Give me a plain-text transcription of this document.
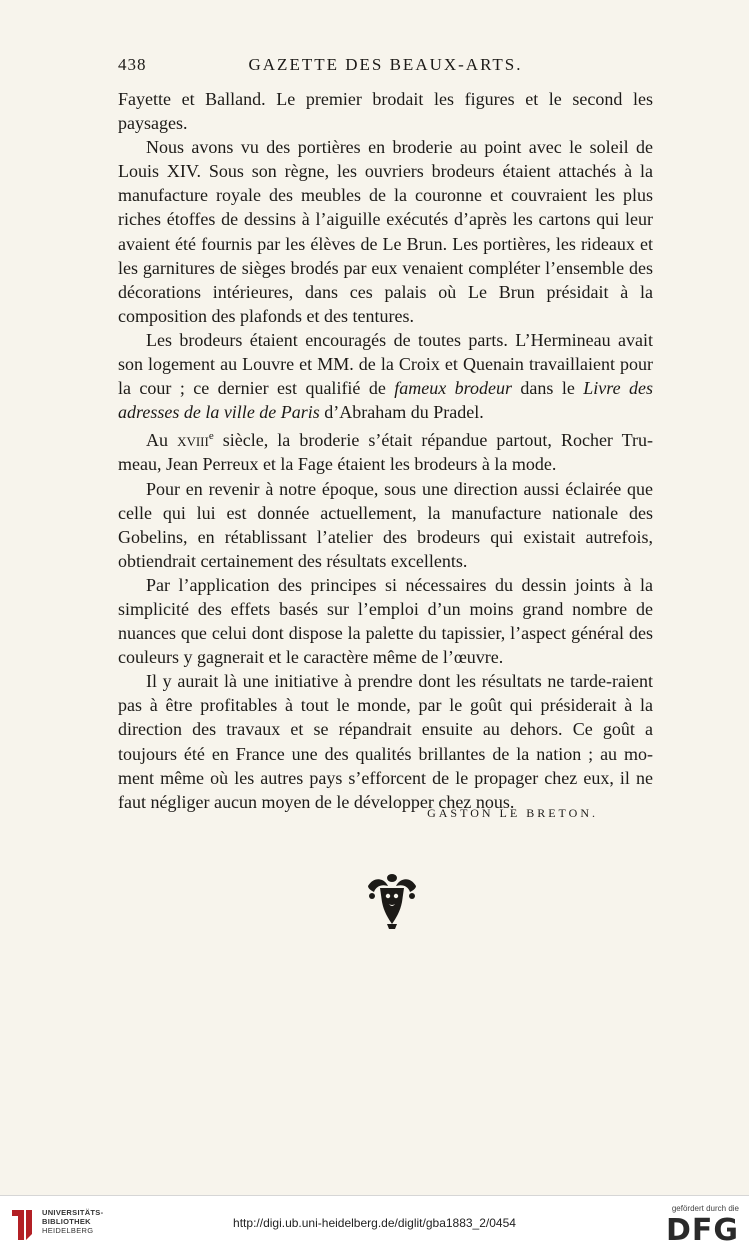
438	GAZETTE DES BEAUX-ARTS.

Fayette et Balland. Le premier brodait les figures et le second les paysages.

Nous avons vu des portières en broderie au point avec le soleil de Louis XIV. Sous son règne, les ouvriers brodeurs étaient attachés à la manufacture royale des meubles de la couronne et couvraient les plus riches étoffes de dessins à l’aiguille exécutés d’après les cartons qui leur avaient été fournis par les élèves de Le Brun. Les portières, les rideaux et les garnitures de sièges brodés par eux venaient compléter l’ensemble des décorations intérieures, dans ces palais où Le Brun présidait à la composition des plafonds et des tentures.

Les brodeurs étaient encouragés de toutes parts. L’Hermineau avait son logement au Louvre et MM. de la Croix et Quenain travaillaient pour la cour ; ce dernier est qualifié de fameux brodeur dans le Livre des adresses de la ville de Paris d’Abraham du Pradel.

Au xviii$^e$ siècle, la broderie s’était répandue partout, Rocher Tru-meau, Jean Perreux et la Fage étaient les brodeurs à la mode.

Pour en revenir à notre époque, sous une direction aussi éclairée que celle qui lui est donnée actuellement, la manufacture nationale des Gobelins, en rétablissant l’atelier des brodeurs qui existait autrefois, obtiendrait certainement des résultats excellents.

Par l’application des principes si nécessaires du dessin joints à la simplicité des effets basés sur l’emploi d’un moins grand nombre de nuances que celui dont dispose la palette du tapissier, l’aspect général des couleurs y gagnerait et le caractère même de l’œuvre.

Il y aurait là une initiative à prendre dont les résultats ne tarde-raient pas à être profitables à tout le monde, par le goût qui présiderait à la direction des travaux et se répandrait ensuite au dehors. Ce goût a toujours été en France une des qualités brillantes de la nation ; au mo-ment même où les autres pays s’efforcent de le propager chez eux, il ne faut négliger aucun moyen de le développer chez nous.

GASTON LE BRETON.
UNIVERSITÄTS-
BIBLIOTHEK
HEIDELBERG
http://digi.ub.uni-heidelberg.de/diglit/gba1883_2/0454
gefördert durch die
DFG
